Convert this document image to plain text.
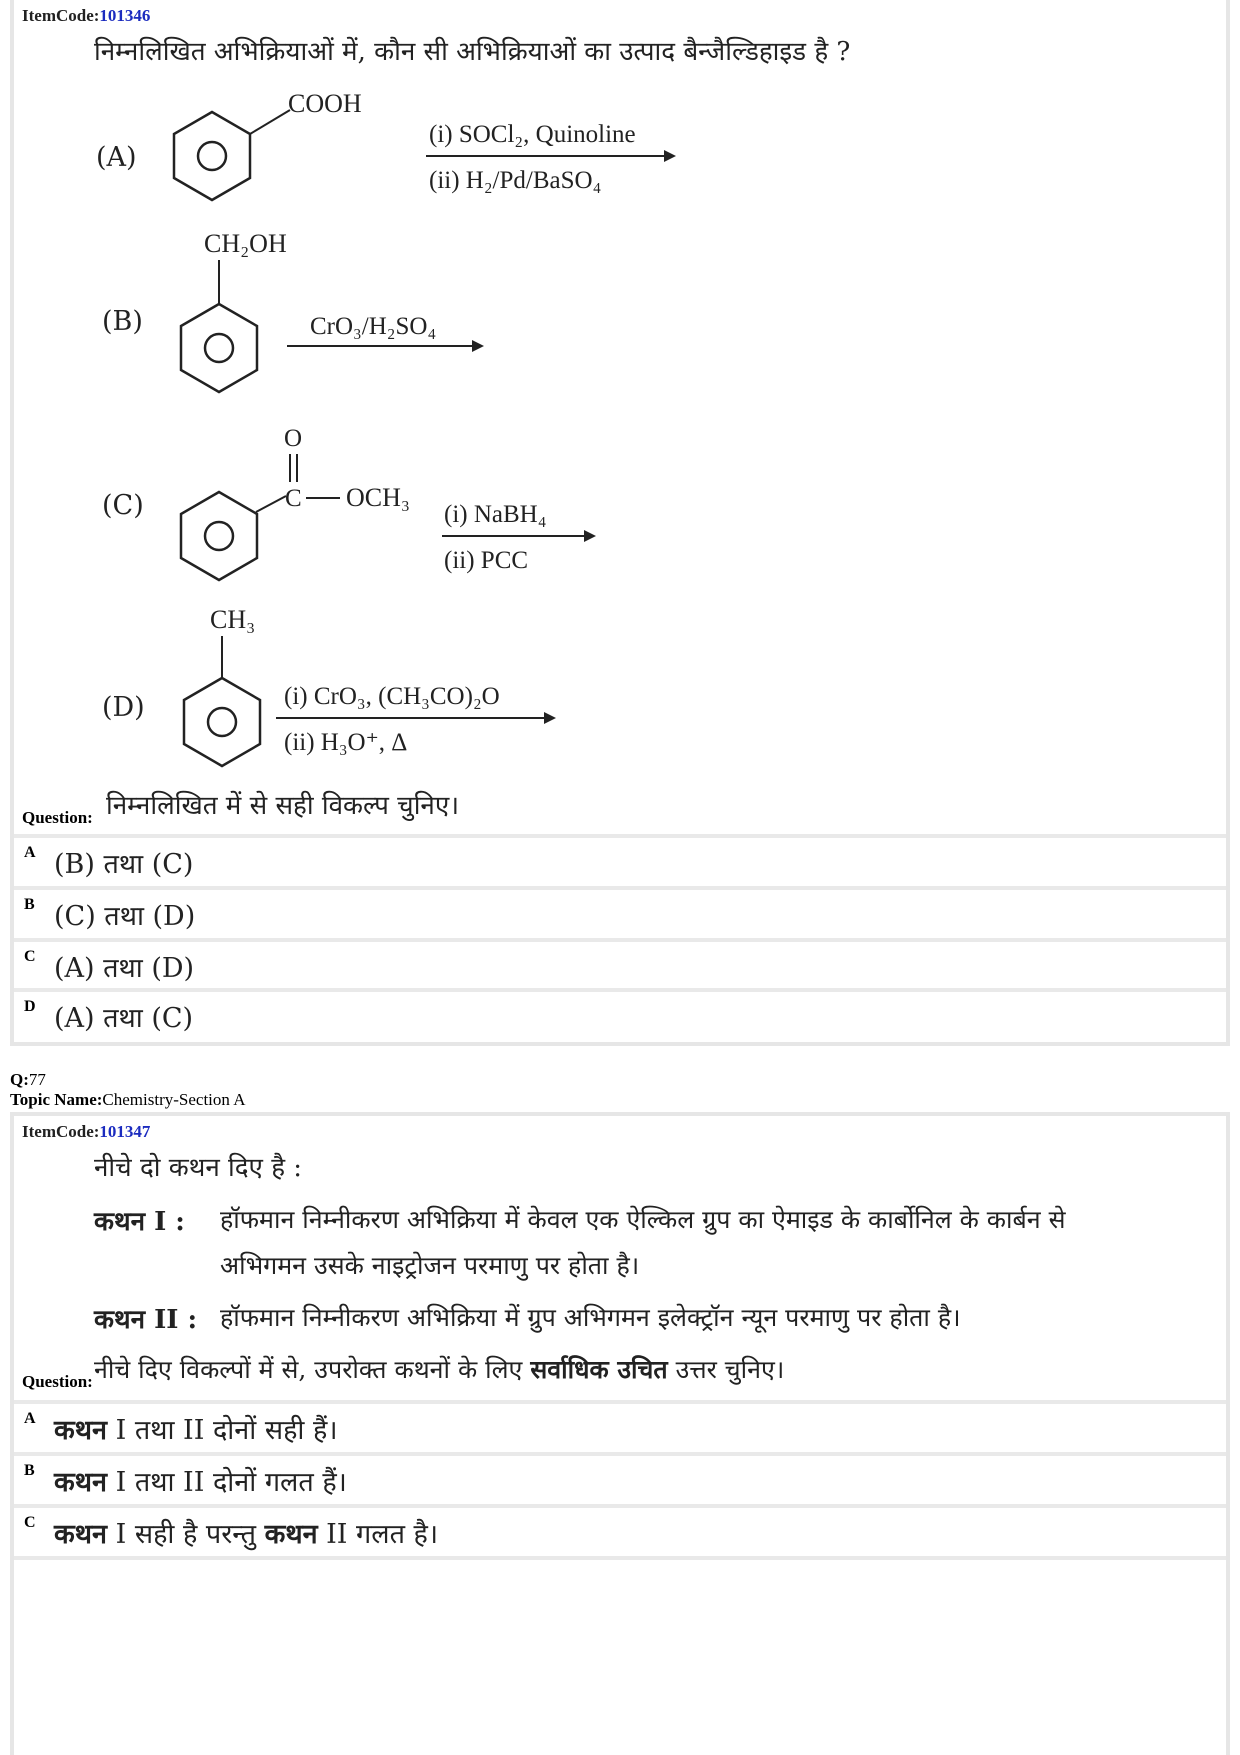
ItemCode:101346
निम्नलिखित अभिक्रियाओं में, कौन सी अभिक्रियाओं का उत्पाद बैन्जैल्डिहाइड है ?
(A)
COOH
(i) SOCl₂, Quinoline
(ii) H₂/Pd/BaSO₄
(B)
CH₂OH
CrO₃/H₂SO₄
(C)
O
C OCH₃
(i) NaBH₄
(ii) PCC
(D)
CH₃
(i) CrO₃, (CH₃CO)₂O
(ii) H₃O⁺, Δ
Question: निम्नलिखित में से सही विकल्प चुनिए।
A (B) तथा (C)
B (C) तथा (D)
C (A) तथा (D)
D (A) तथा (C)
Q:77
Topic Name:Chemistry-Section A
ItemCode:101347
नीचे दो कथन दिए है :
कथन I : हॉफमान निम्नीकरण अभिक्रिया में केवल एक ऐल्किल ग्रुप का ऐमाइड के कार्बोनिल के कार्बन से
अभिगमन उसके नाइट्रोजन परमाणु पर होता है।
कथन II : हॉफमान निम्नीकरण अभिक्रिया में ग्रुप अभिगमन इलेक्ट्रॉन न्यून परमाणु पर होता है।
Question: नीचे दिए विकल्पों में से, उपरोक्त कथनों के लिए सर्वाधिक उचित उत्तर चुनिए।
A कथन I तथा II दोनों सही हैं।
B कथन I तथा II दोनों गलत हैं।
C कथन I सही है परन्तु कथन II गलत है।
